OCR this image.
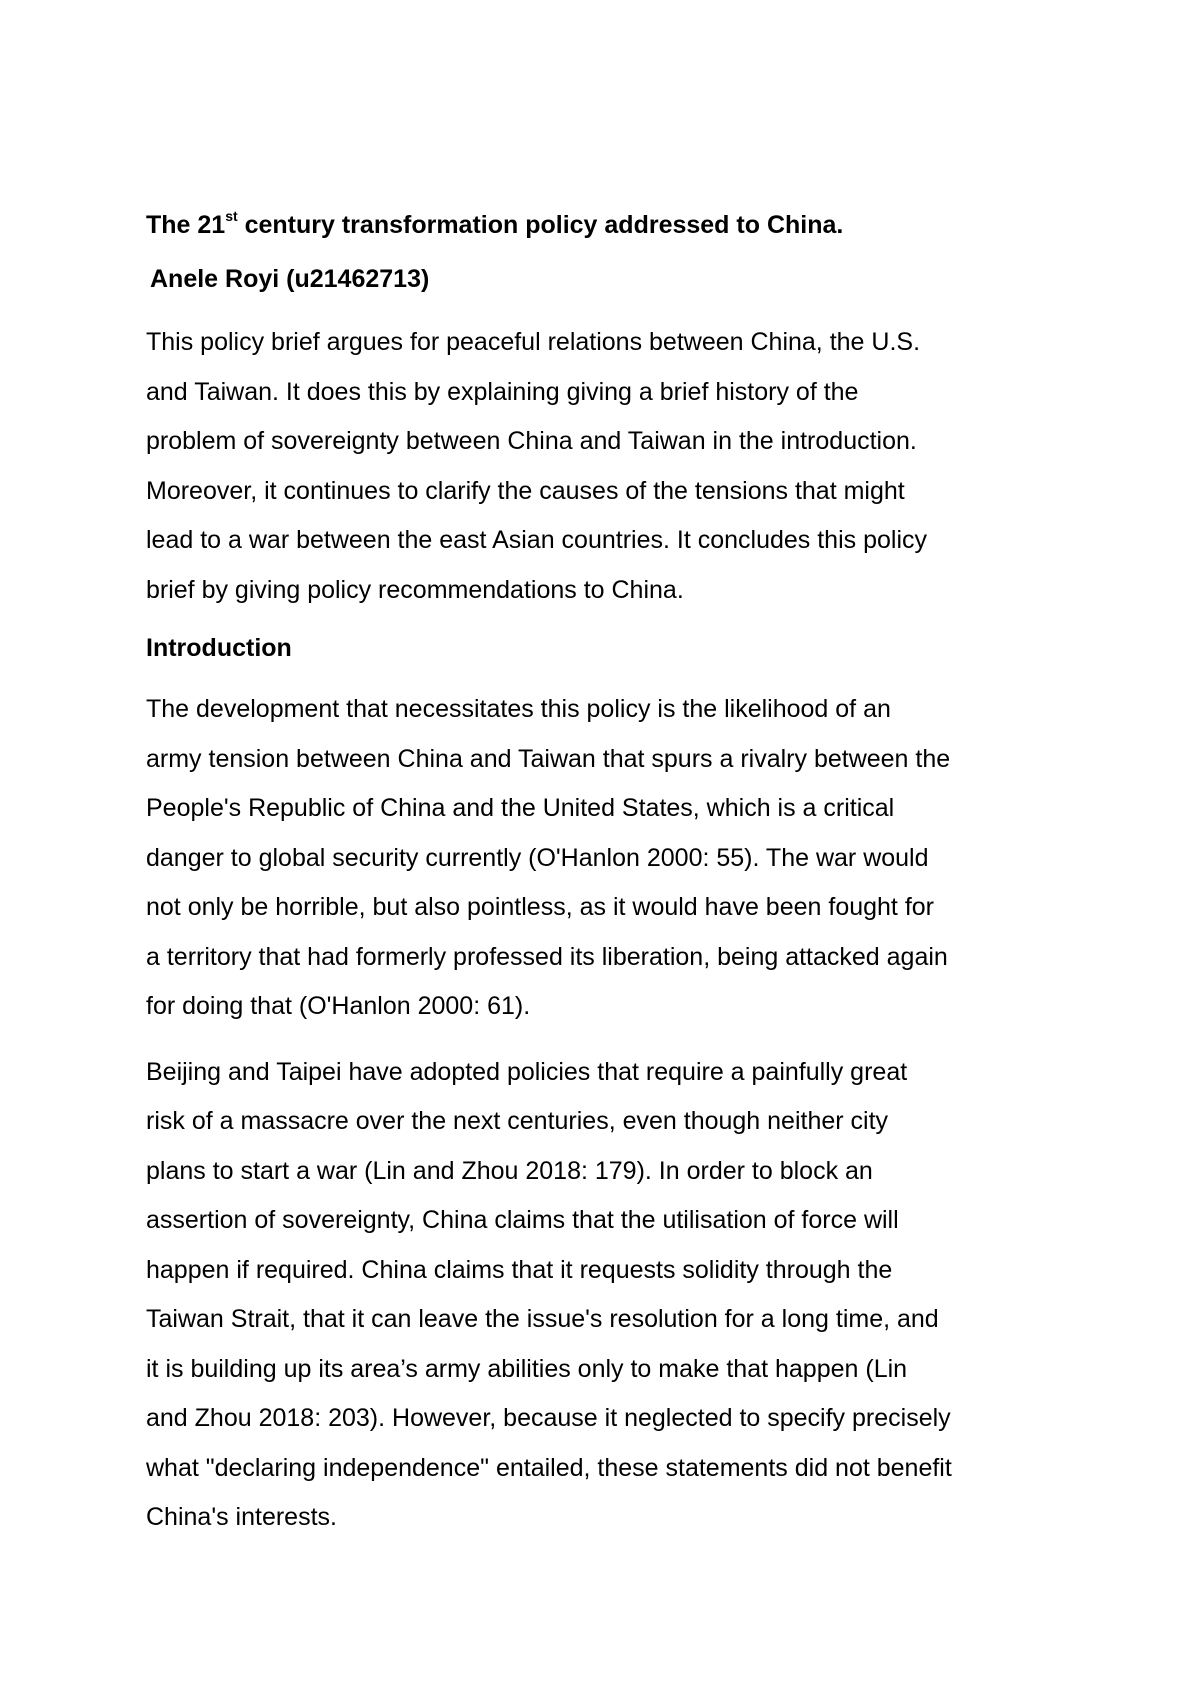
The 21st century transformation policy addressed to China.
Anele Royi (u21462713)
This policy brief argues for peaceful relations between China, the U.S.
and Taiwan. It does this by explaining giving a brief history of the
problem of sovereignty between China and Taiwan in the introduction.
Moreover, it continues to clarify the causes of the tensions that might
lead to a war between the east Asian countries. It concludes this policy
brief by giving policy recommendations to China.
Introduction
The development that necessitates this policy is the likelihood of an
army tension between China and Taiwan that spurs a rivalry between the
People's Republic of China and the United States, which is a critical
danger to global security currently (O'Hanlon 2000: 55). The war would
not only be horrible, but also pointless, as it would have been fought for
a territory that had formerly professed its liberation, being attacked again
for doing that (O'Hanlon 2000: 61).
Beijing and Taipei have adopted policies that require a painfully great
risk of a massacre over the next centuries, even though neither city
plans to start a war (Lin and Zhou 2018: 179). In order to block an
assertion of sovereignty, China claims that the utilisation of force will
happen if required. China claims that it requests solidity through the
Taiwan Strait, that it can leave the issue's resolution for a long time, and
it is building up its area’s army abilities only to make that happen (Lin
and Zhou 2018: 203). However, because it neglected to specify precisely
what "declaring independence" entailed, these statements did not benefit
China's interests.
